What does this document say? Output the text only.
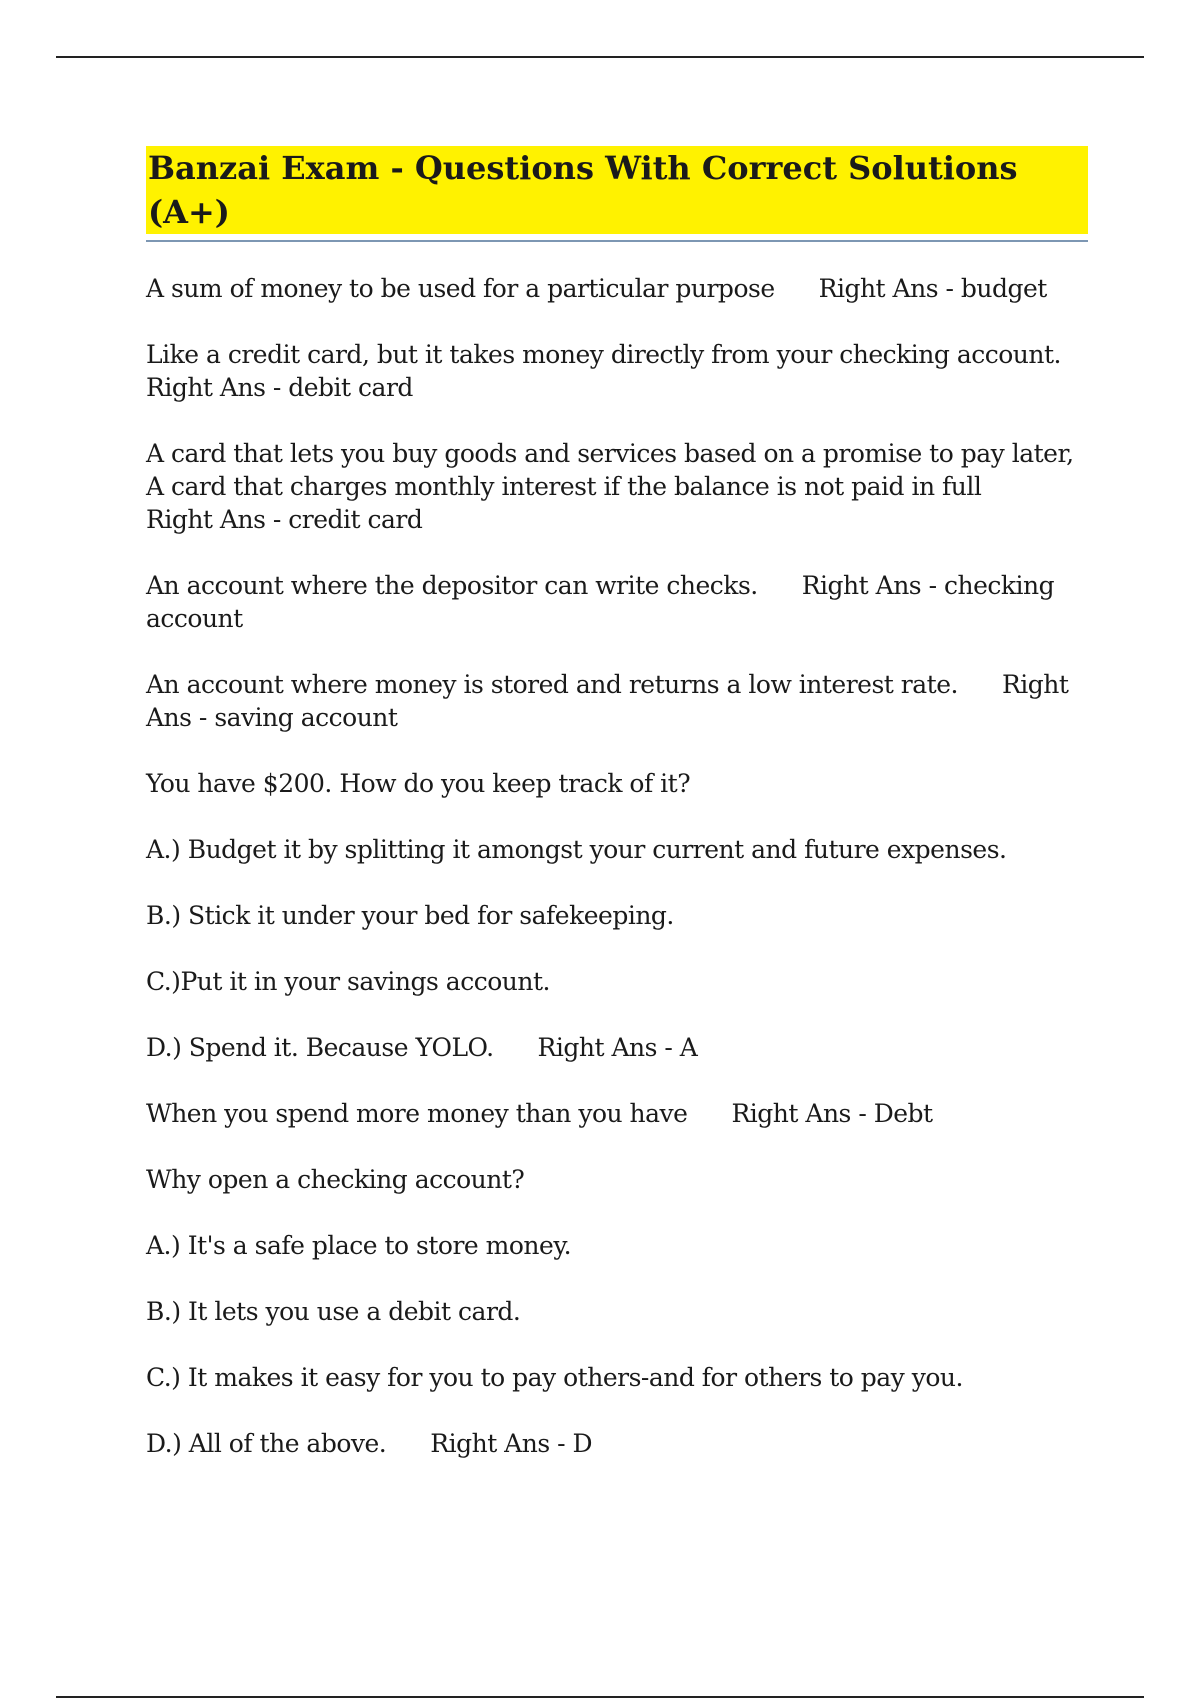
Banzai Exam - Questions With Correct Solutions (A+)

A sum of money to be used for a particular purpose Right Ans - budget

Like a credit card, but it takes money directly from your checking account.
Right Ans - debit card

A card that lets you buy goods and services based on a promise to pay later, A card that charges monthly interest if the balance is not paid in fullRight Ans - credit card

An account where the depositor can write checks. Right Ans - checking account

An account where money is stored and returns a low interest rate. Right Ans - saving account

You have $200. How do you keep track of it?

A.) Budget it by splitting it amongst your current and future expenses.

B.) Stick it under your bed for safekeeping.

C.)Put it in your savings account.

D.) Spend it. Because YOLO. Right Ans - A

When you spend more money than you have Right Ans - Debt

Why open a checking account?

A.) It's a safe place to store money.

B.) It lets you use a debit card.

C.) It makes it easy for you to pay others-and for others to pay you.

D.) All of the above. Right Ans - D
